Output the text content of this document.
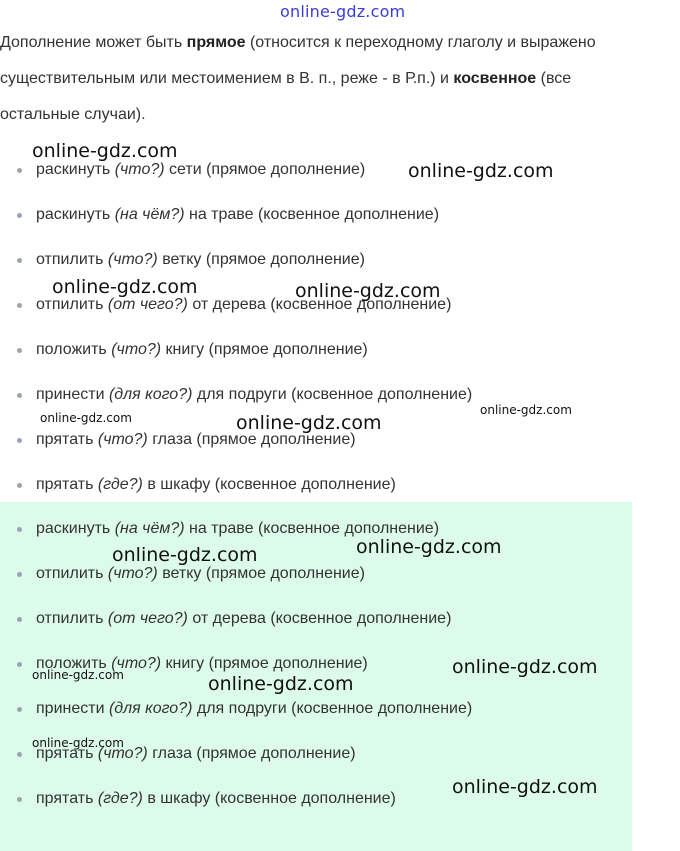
online-gdz.com
Дополнение может быть прямое (относится к переходному глаголу и выражено существительным или местоимением в В. п., реже - в Р.п.) и косвенное (все остальные случаи).
раскинуть (что?) сети (прямое дополнение)
раскинуть (на чём?) на траве (косвенное дополнение)
отпилить (что?) ветку (прямое дополнение)
отпилить (от чего?) от дерева (косвенное дополнение)
положить (что?) книгу (прямое дополнение)
принести (для кого?) для подруги (косвенное дополнение)
прятать (что?) глаза (прямое дополнение)
прятать (где?) в шкафу (косвенное дополнение)
раскинуть (на чём?) на траве (косвенное дополнение)
отпилить (что?) ветку (прямое дополнение)
отпилить (от чего?) от дерева (косвенное дополнение)
положить (что?) книгу (прямое дополнение)
принести (для кого?) для подруги (косвенное дополнение)
прятать (что?) глаза (прямое дополнение)
прятать (где?) в шкафу (косвенное дополнение)
online-gdz.com
online-gdz.com
online-gdz.com	online-gdz.com
online-gdz.com	online-gdz.com
online-gdz.com
online-gdz.com	online-gdz.com
online-gdz.com
online-gdz.com	online-gdz.com
online-gdz.com
online-gdz.com
